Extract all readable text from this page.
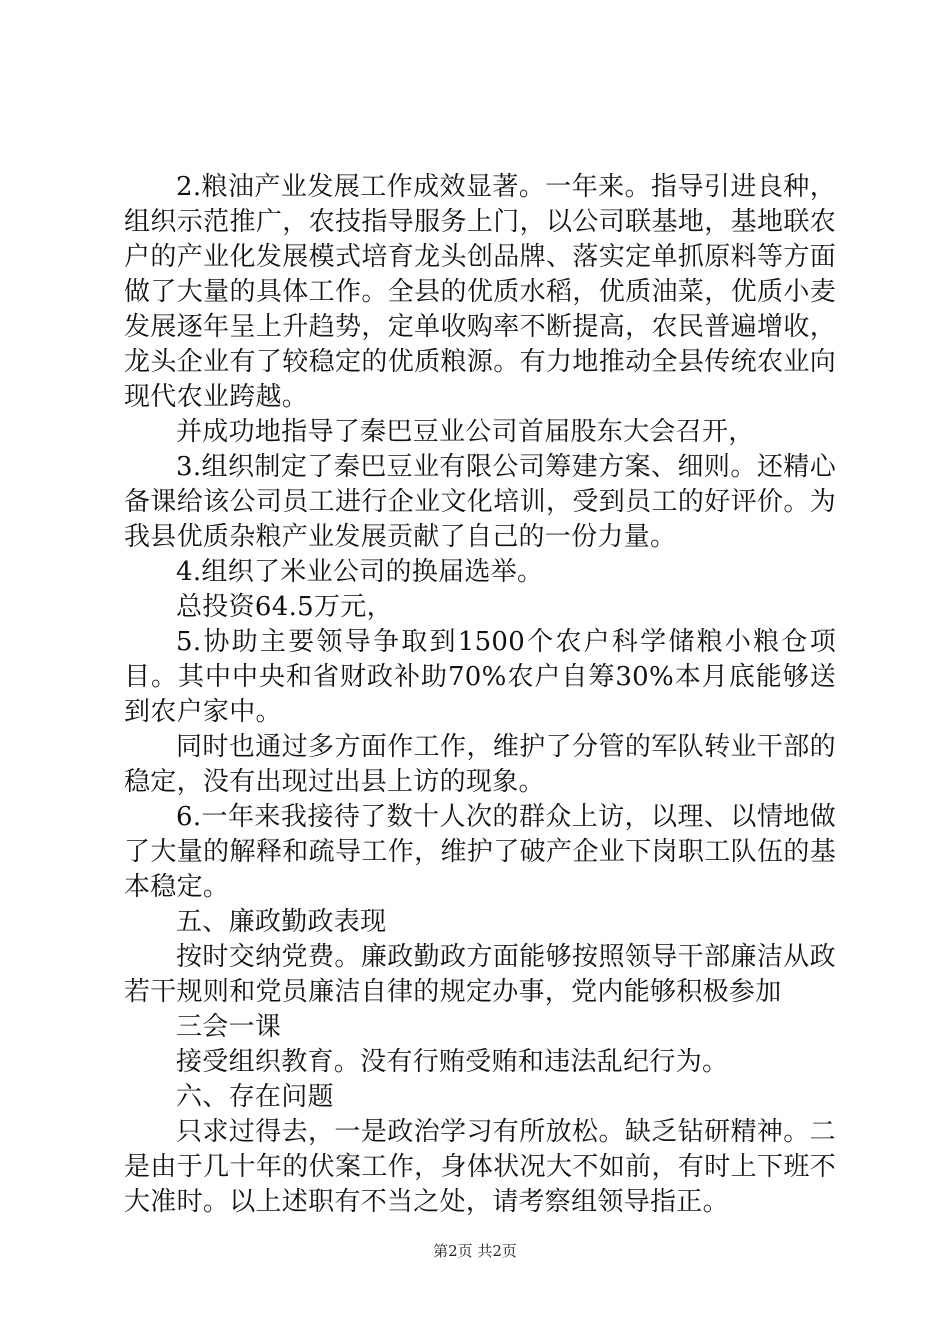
2.粮油产业发展工作成效显著。一年来。指导引进良种，组织示范推广，农技指导服务上门，以公司联基地，基地联农户的产业化发展模式培育龙头创品牌、落实定单抓原料等方面做了大量的具体工作。全县的优质水稻，优质油菜，优质小麦发展逐年呈上升趋势，定单收购率不断提高，农民普遍增收，龙头企业有了较稳定的优质粮源。有力地推动全县传统农业向现代农业跨越。

并成功地指导了秦巴豆业公司首届股东大会召开，

3.组织制定了秦巴豆业有限公司筹建方案、细则。还精心备课给该公司员工进行企业文化培训，受到员工的好评价。为我县优质杂粮产业发展贡献了自己的一份力量。

4.组织了米业公司的换届选举。

总投资64.5万元，

5.协助主要领导争取到1500个农户科学储粮小粮仓项目。其中中央和省财政补助70%农户自筹30%本月底能够送到农户家中。

同时也通过多方面作工作，维护了分管的军队转业干部的稳定，没有出现过出县上访的现象。

6.一年来我接待了数十人次的群众上访，以理、以情地做了大量的解释和疏导工作，维护了破产企业下岗职工队伍的基本稳定。

五、廉政勤政表现

按时交纳党费。廉政勤政方面能够按照领导干部廉洁从政若干规则和党员廉洁自律的规定办事，党内能够积极参加

三会一课

接受组织教育。没有行贿受贿和违法乱纪行为。

六、存在问题

只求过得去，一是政治学习有所放松。缺乏钻研精神。二是由于几十年的伏案工作，身体状况大不如前，有时上下班不大准时。以上述职有不当之处，请考察组领导指正。

第2页 共2页
